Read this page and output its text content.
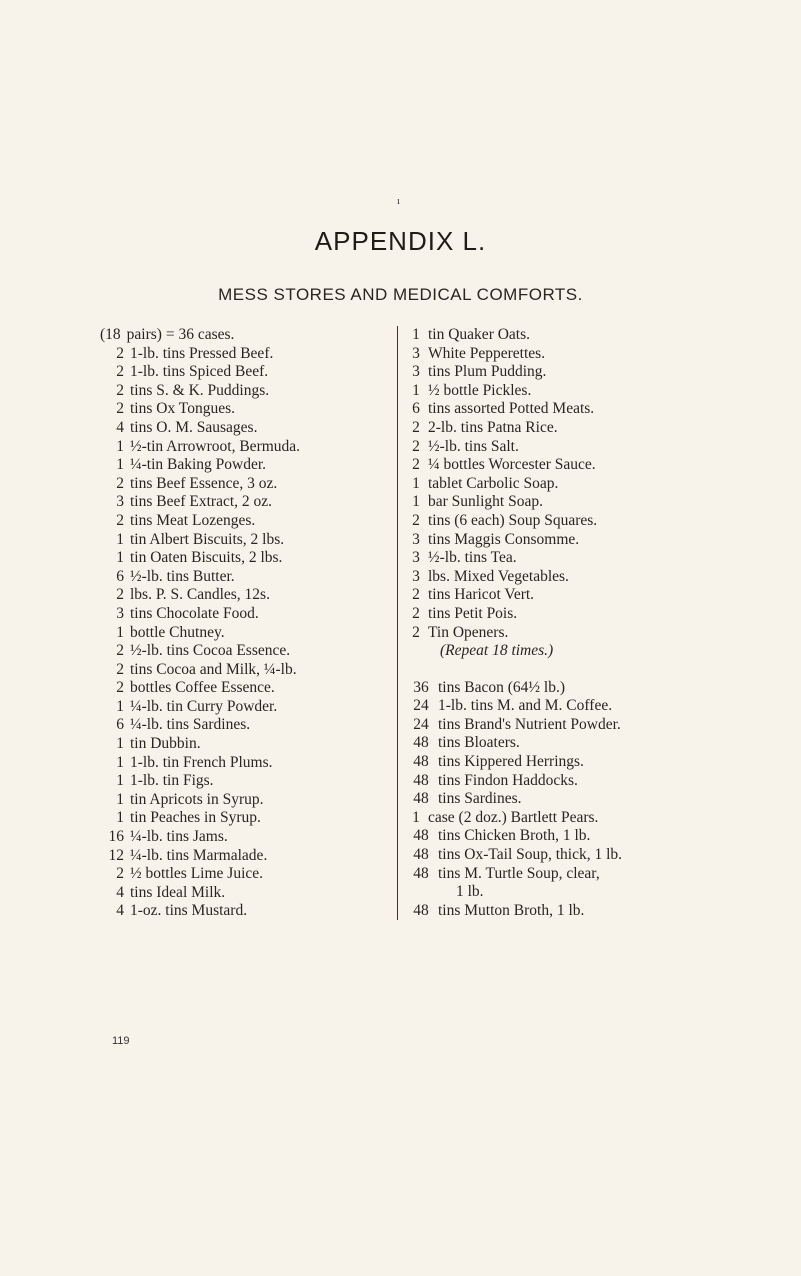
ı
APPENDIX L.
MESS STORES AND MEDICAL COMFORTS.
(18 pairs) = 36 cases.
2 1-lb. tins Pressed Beef.
2 1-lb. tins Spiced Beef.
2 tins S. & K. Puddings.
2 tins Ox Tongues.
4 tins O. M. Sausages.
1 ½-tin Arrowroot, Bermuda.
1 ¼-tin Baking Powder.
2 tins Beef Essence, 3 oz.
3 tins Beef Extract, 2 oz.
2 tins Meat Lozenges.
1 tin Albert Biscuits, 2 lbs.
1 tin Oaten Biscuits, 2 lbs.
6 ½-lb. tins Butter.
2 lbs. P. S. Candles, 12s.
3 tins Chocolate Food.
1 bottle Chutney.
2 ½-lb. tins Cocoa Essence.
2 tins Cocoa and Milk, ¼-lb.
2 bottles Coffee Essence.
1 ¼-lb. tin Curry Powder.
6 ¼-lb. tins Sardines.
1 tin Dubbin.
1 1-lb. tin French Plums.
1 1-lb. tin Figs.
1 tin Apricots in Syrup.
1 tin Peaches in Syrup.
16 ¼-lb. tins Jams.
12 ¼-lb. tins Marmalade.
2 ½ bottles Lime Juice.
4 tins Ideal Milk.
4 1-oz. tins Mustard.
1 tin Quaker Oats.
3 White Pepperettes.
3 tins Plum Pudding.
1 ½ bottle Pickles.
6 tins assorted Potted Meats.
2 2-lb. tins Patna Rice.
2 ½-lb. tins Salt.
2 ¼ bottles Worcester Sauce.
1 tablet Carbolic Soap.
1 bar Sunlight Soap.
2 tins (6 each) Soup Squares.
3 tins Maggis Consomme.
3 ½-lb. tins Tea.
3 lbs. Mixed Vegetables.
2 tins Haricot Vert.
2 tins Petit Pois.
2 Tin Openers.
(Repeat 18 times.)
36 tins Bacon (64½ lb.)
24 1-lb. tins M. and M. Coffee.
24 tins Brand's Nutrient Powder.
48 tins Bloaters.
48 tins Kippered Herrings.
48 tins Findon Haddocks.
48 tins Sardines.
1 case (2 doz.) Bartlett Pears.
48 tins Chicken Broth, 1 lb.
48 tins Ox-Tail Soup, thick, 1 lb.
48 tins M. Turtle Soup, clear,
1 lb.
48 tins Mutton Broth, 1 lb.
119
